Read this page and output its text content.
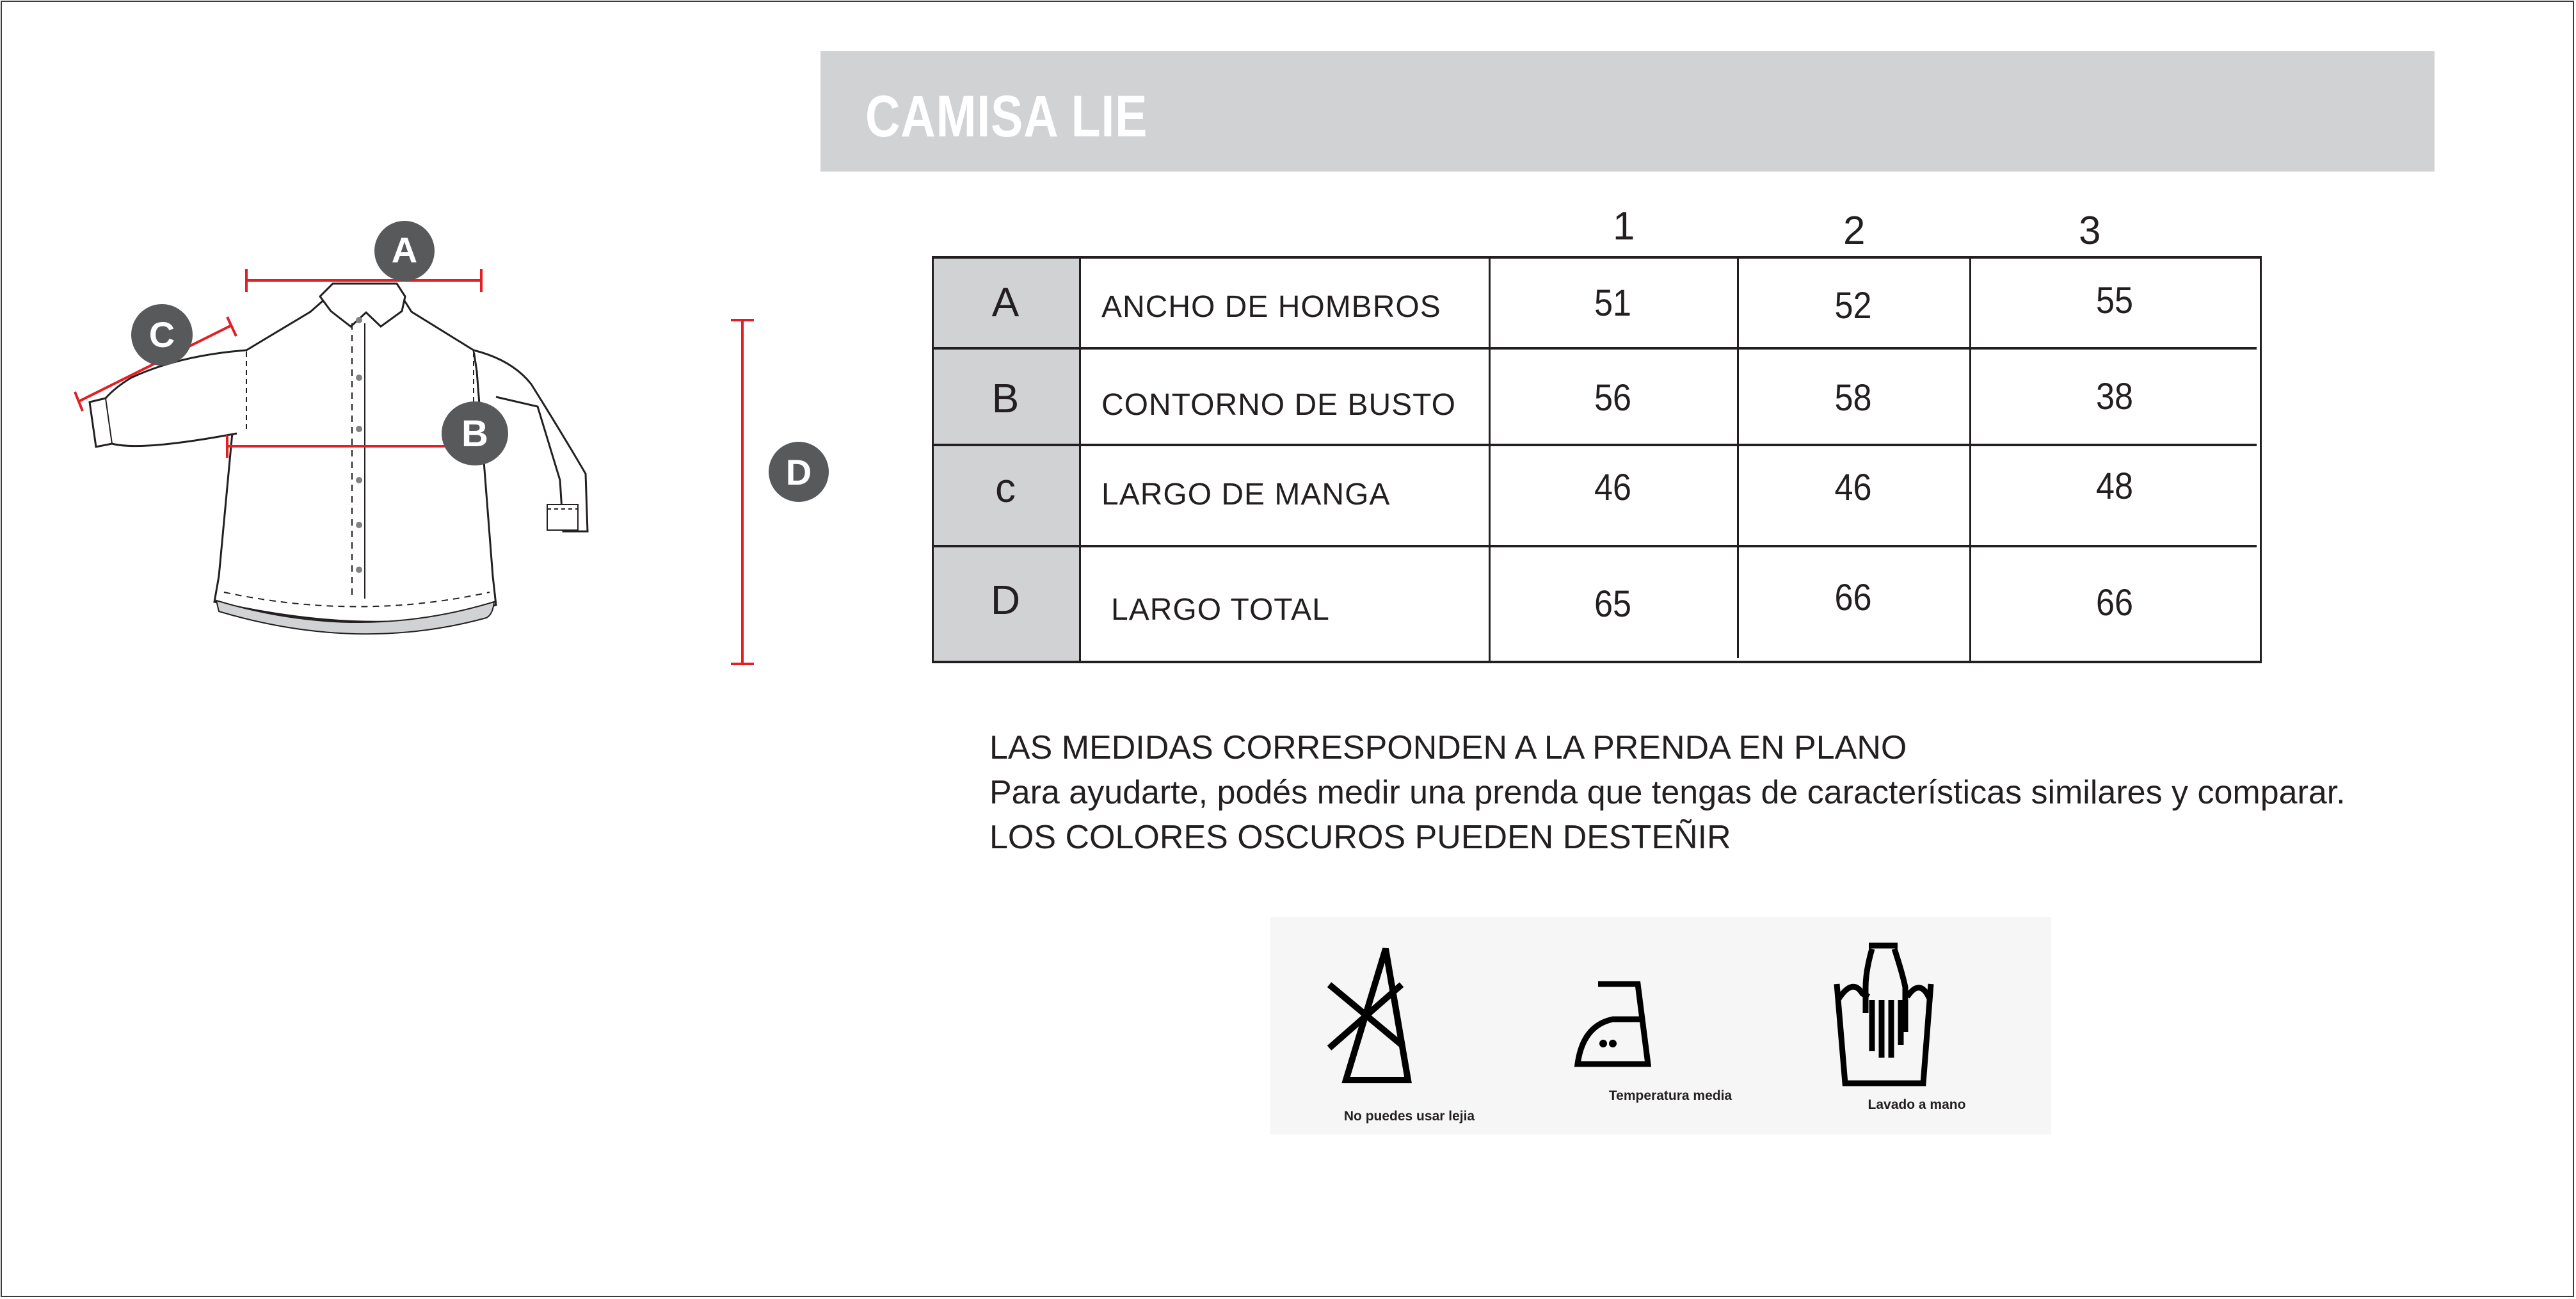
CAMISA LIE
A
C
B
D
1	2	3
A	ANCHO DE HOMBROS	51	52	55
B	CONTORNO DE BUSTO	56	58	38
c	LARGO DE MANGA	46	46	48
D	LARGO TOTAL	65	66	66
LAS MEDIDAS CORRESPONDEN A LA PRENDA EN PLANO
Para ayudarte, podés medir una prenda que tengas de características similares y comparar.
LOS COLORES OSCUROS PUEDEN DESTEÑIR
No puedes usar lejia
Temperatura media
Lavado a mano
